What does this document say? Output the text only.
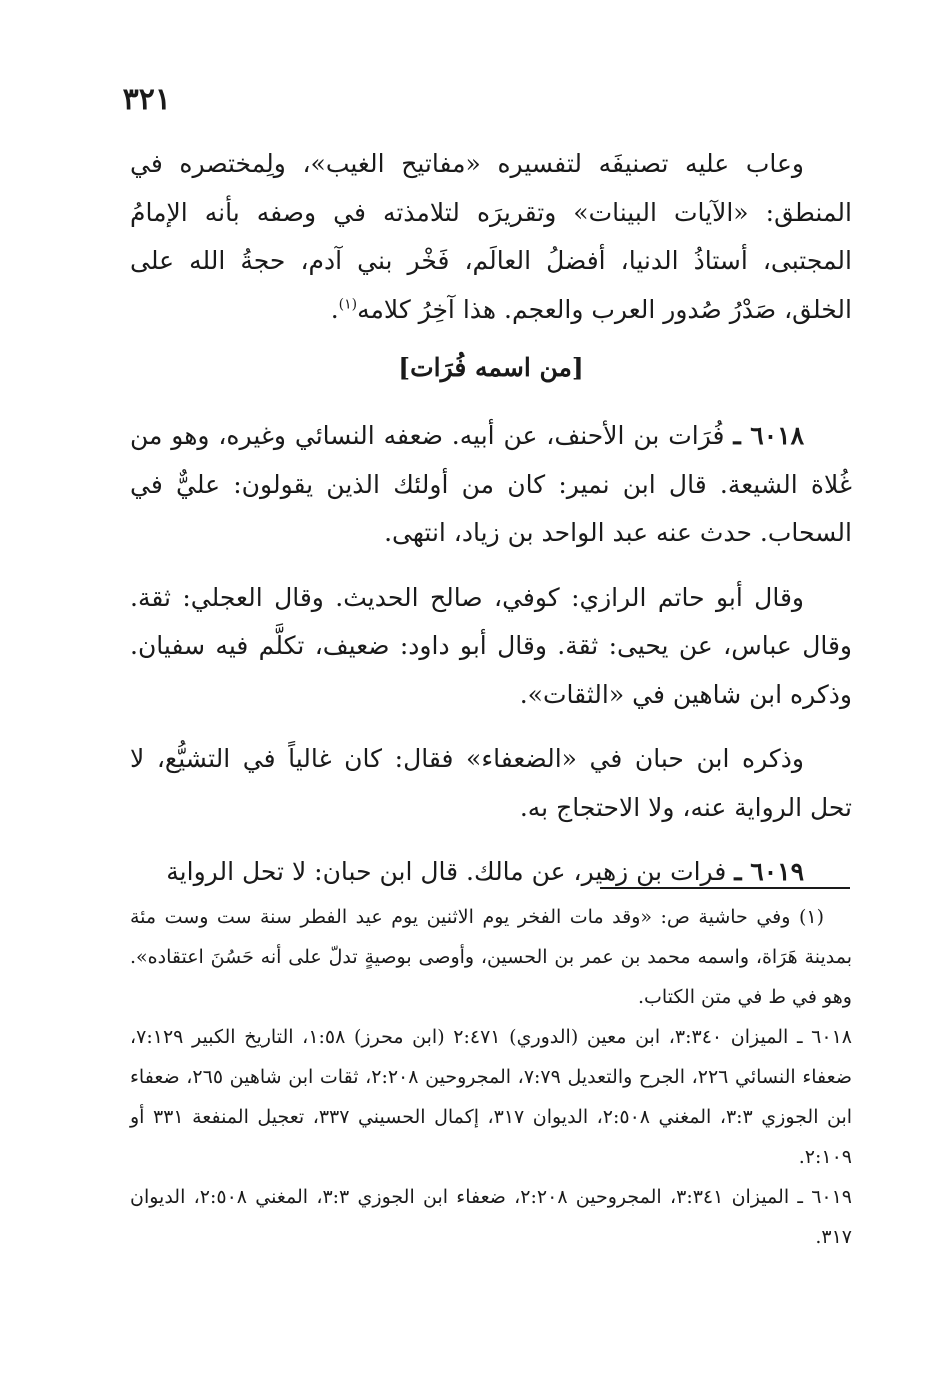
٣٢١

وعاب عليه تصنيفَه لتفسيره «مفاتيح الغيب»، ولِمختصره في المنطق: «الآيات البينات» وتقريرَه لتلامذته في وصفه بأنه الإمامُ المجتبى، أستاذُ الدنيا، أفضلُ العالَم، فَخْر بني آدم، حجةُ الله على الخلق، صَدْرُ صُدور العرب والعجم. هذا آخِرُ كلامه$^{(١)}$.

[من اسمه فُرَات]

٦٠١٨ ـ فُرَات بن الأحنف، عن أبيه. ضعفه النسائي وغيره، وهو من غُلاة الشيعة. قال ابن نمير: كان من أولئك الذين يقولون: عليٌّ في السحاب. حدث عنه عبد الواحد بن زياد، انتهى.

وقال أبو حاتم الرازي: كوفي، صالح الحديث. وقال العجلي: ثقة. وقال عباس، عن يحيى: ثقة. وقال أبو داود: ضعيف، تكلَّم فيه سفيان. وذكره ابن شاهين في «الثقات».

وذكره ابن حبان في «الضعفاء» فقال: كان غالياً في التشيُّع، لا تحل الرواية عنه، ولا الاحتجاج به.

٦٠١٩ ـ فرات بن زهير، عن مالك. قال ابن حبان: لا تحل الرواية

(١) وفي حاشية ص: «وقد مات الفخر يوم الاثنين يوم عيد الفطر سنة ست وست مئة بمدينة هَرَاة، واسمه محمد بن عمر بن الحسين، وأوصى بوصيةٍ تدلّ على أنه حَسُنَ اعتقاده». وهو في ط في متن الكتاب.

٦٠١٨ ـ الميزان ٣:٣٤٠، ابن معين (الدوري) ٢:٤٧١ (ابن محرز) ١:٥٨، التاريخ الكبير ٧:١٢٩، ضعفاء النسائي ٢٢٦، الجرح والتعديل ٧:٧٩، المجروحين ٢:٢٠٨، ثقات ابن شاهين ٢٦٥، ضعفاء ابن الجوزي ٣:٣، المغني ٢:٥٠٨، الديوان ٣١٧، إكمال الحسيني ٣٣٧، تعجيل المنفعة ٣٣١ أو ٢:١٠٩.

٦٠١٩ ـ الميزان ٣:٣٤١، المجروحين ٢:٢٠٨، ضعفاء ابن الجوزي ٣:٣، المغني ٢:٥٠٨، الديوان ٣١٧.
